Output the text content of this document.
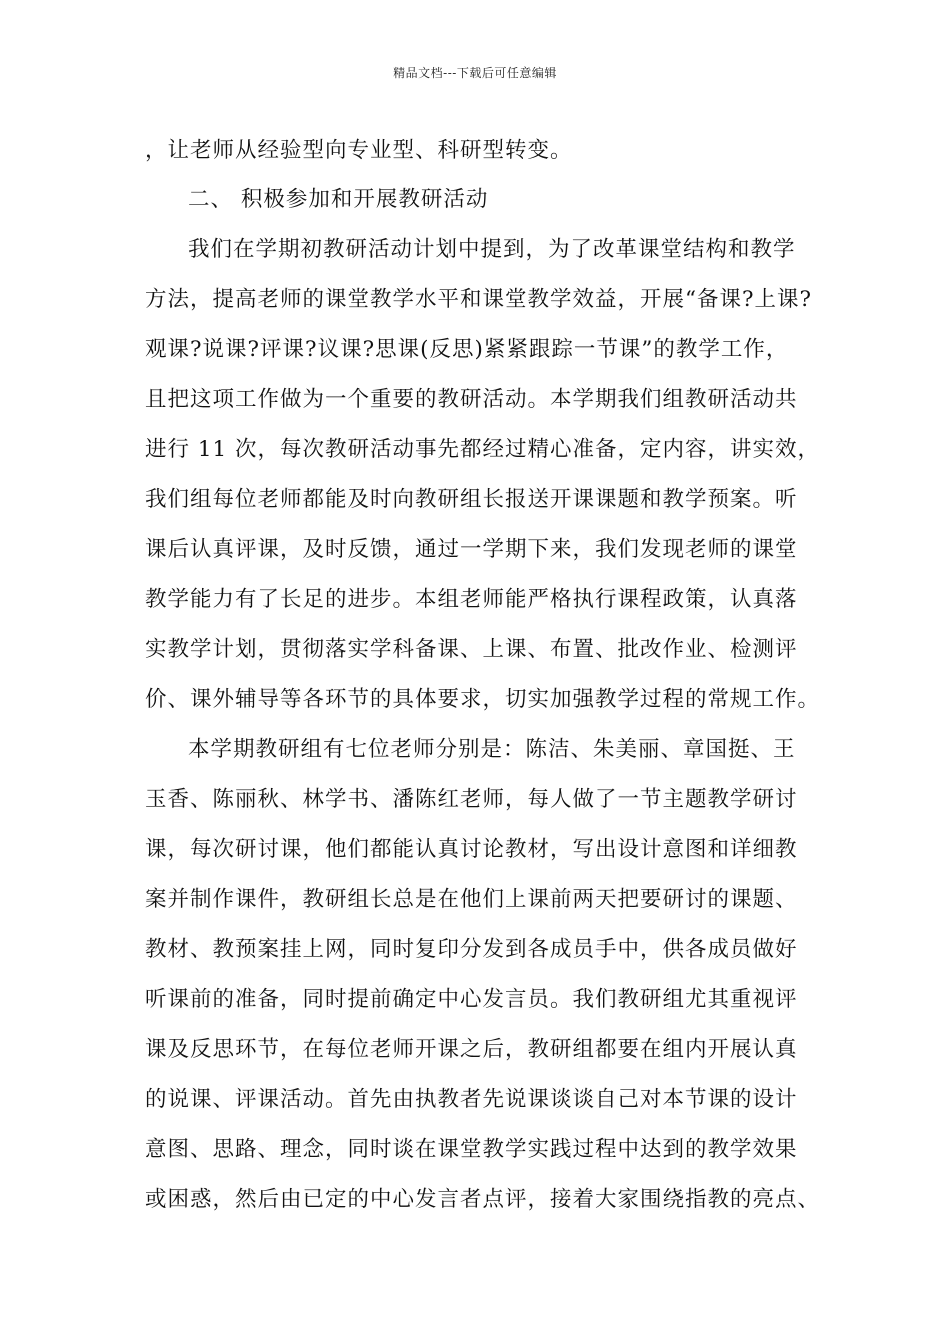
精品文档---下载后可任意编辑
，让老师从经验型向专业型、科研型转变。
二、 积极参加和开展教研活动
我们在学期初教研活动计划中提到，为了改革课堂结构和教学
方法，提高老师的课堂教学水平和课堂教学效益，开展“备课?上课?
观课?说课?评课?议课?思课(反思)紧紧跟踪一节课”的教学工作，
且把这项工作做为一个重要的教研活动。本学期我们组教研活动共
进行 11 次，每次教研活动事先都经过精心准备，定内容，讲实效，
我们组每位老师都能及时向教研组长报送开课课题和教学预案。听
课后认真评课，及时反馈，通过一学期下来，我们发现老师的课堂
教学能力有了长足的进步。本组老师能严格执行课程政策，认真落
实教学计划，贯彻落实学科备课、上课、布置、批改作业、检测评
价、课外辅导等各环节的具体要求，切实加强教学过程的常规工作。
本学期教研组有七位老师分别是：陈洁、朱美丽、章国挺、王
玉香、陈丽秋、林学书、潘陈红老师，每人做了一节主题教学研讨
课，每次研讨课，他们都能认真讨论教材，写出设计意图和详细教
案并制作课件，教研组长总是在他们上课前两天把要研讨的课题、
教材、教预案挂上网，同时复印分发到各成员手中，供各成员做好
听课前的准备，同时提前确定中心发言员。我们教研组尤其重视评
课及反思环节，在每位老师开课之后，教研组都要在组内开展认真
的说课、评课活动。首先由执教者先说课谈谈自己对本节课的设计
意图、思路、理念，同时谈在课堂教学实践过程中达到的教学效果
或困惑，然后由已定的中心发言者点评，接着大家围绕指教的亮点、
